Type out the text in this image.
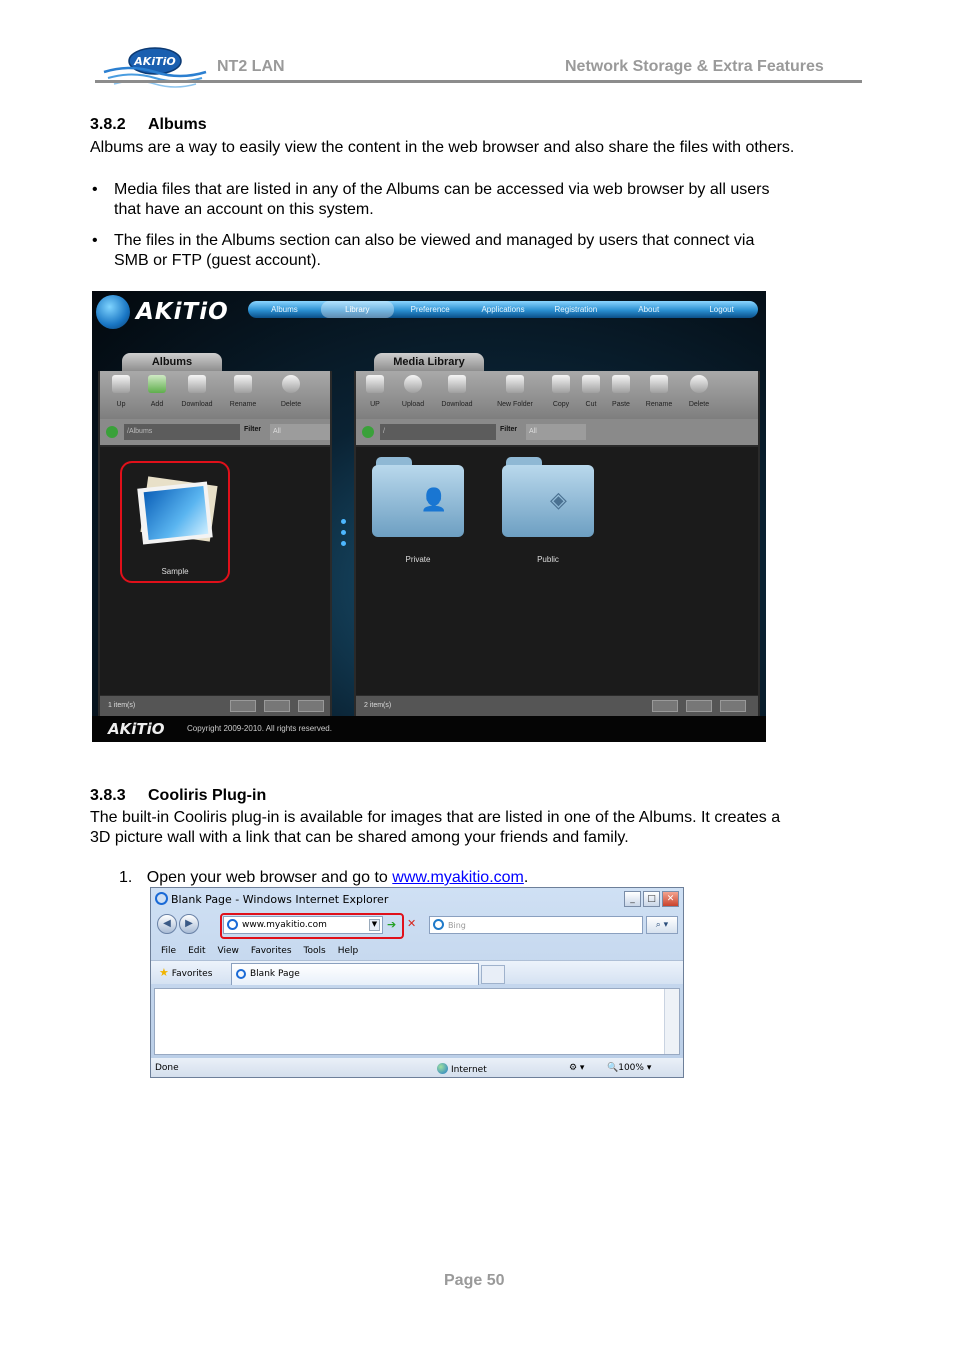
AKiTiO	NT2 LAN	Network Storage & Extra Features
3.8.2 Albums
Albums are a way to easily view the content in the web browser and also share the files with others.
• Media files that are listed in any of the Albums can be accessed via web browser by all users
that have an account on this system.
• The files in the Albums section can also be viewed and managed by users that connect via
SMB or FTP (guest account).
AKiTiO	Albums	Library	Preference	Applications	Registration	About	Logout
Albums
Up	Add	Download	Rename	Delete
/Albums	Filter	All
Sample
1 item(s)
Media Library
UP	Upload	Download	New Folder	Copy	Cut	Paste	Rename	Delete
/	Filter	All
👤
Private
◈
Public
2 item(s)
AKiTiO	Copyright 2009-2010. All rights reserved.
3.8.3 Cooliris Plug-in
The built-in Cooliris plug-in is available for images that are listed in one of the Albums. It creates a
3D picture wall with a link that can be shared among your friends and family.
1. Open your web browser and go to www.myakitio.com.
Blank Page - Windows Internet Explorer	_	□	✕
◀	▶	www.myakitio.com	▼ ➔ ✕	Bing	⌕ ▾
File Edit View Favorites Tools Help
★ Favorites	Blank Page
Done	Internet	⚙ ▾	🔍100% ▾
Page 50
